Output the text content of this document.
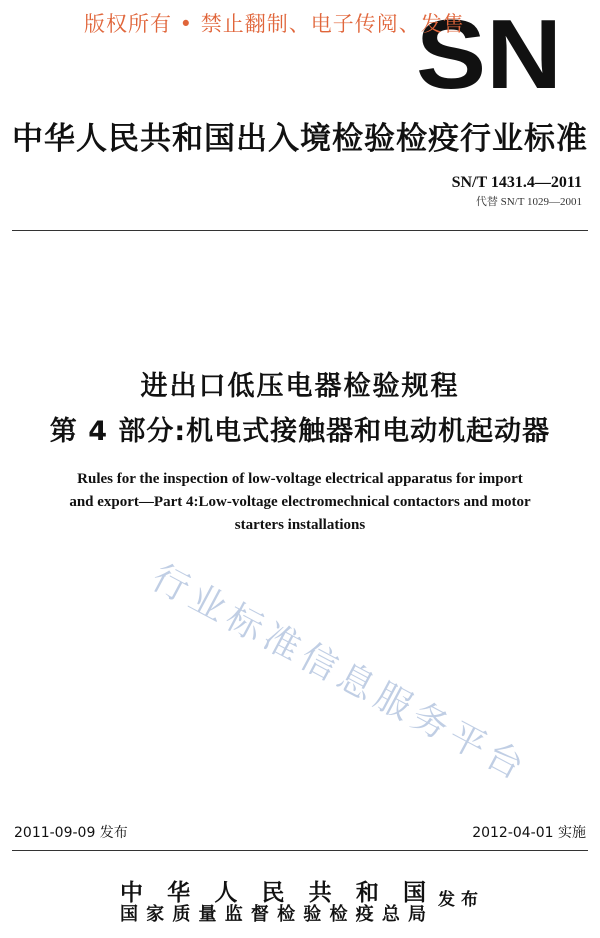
版权所有 • 禁止翻制、电子传阅、发售
SN
中华人民共和国出入境检验检疫行业标准
SN/T 1431.4—2011
代替 SN/T 1029—2001
进出口低压电器检验规程
第 4 部分:机电式接触器和电动机起动器
Rules for the inspection of low-voltage electrical apparatus for import
and export—Part 4:Low-voltage electromechnical contactors and motor
starters installations
行业标准信息服务平台
2011-09-09 发布	2012-04-01 实施
中华人民共和国
国家质量监督检验检疫总局
发布
